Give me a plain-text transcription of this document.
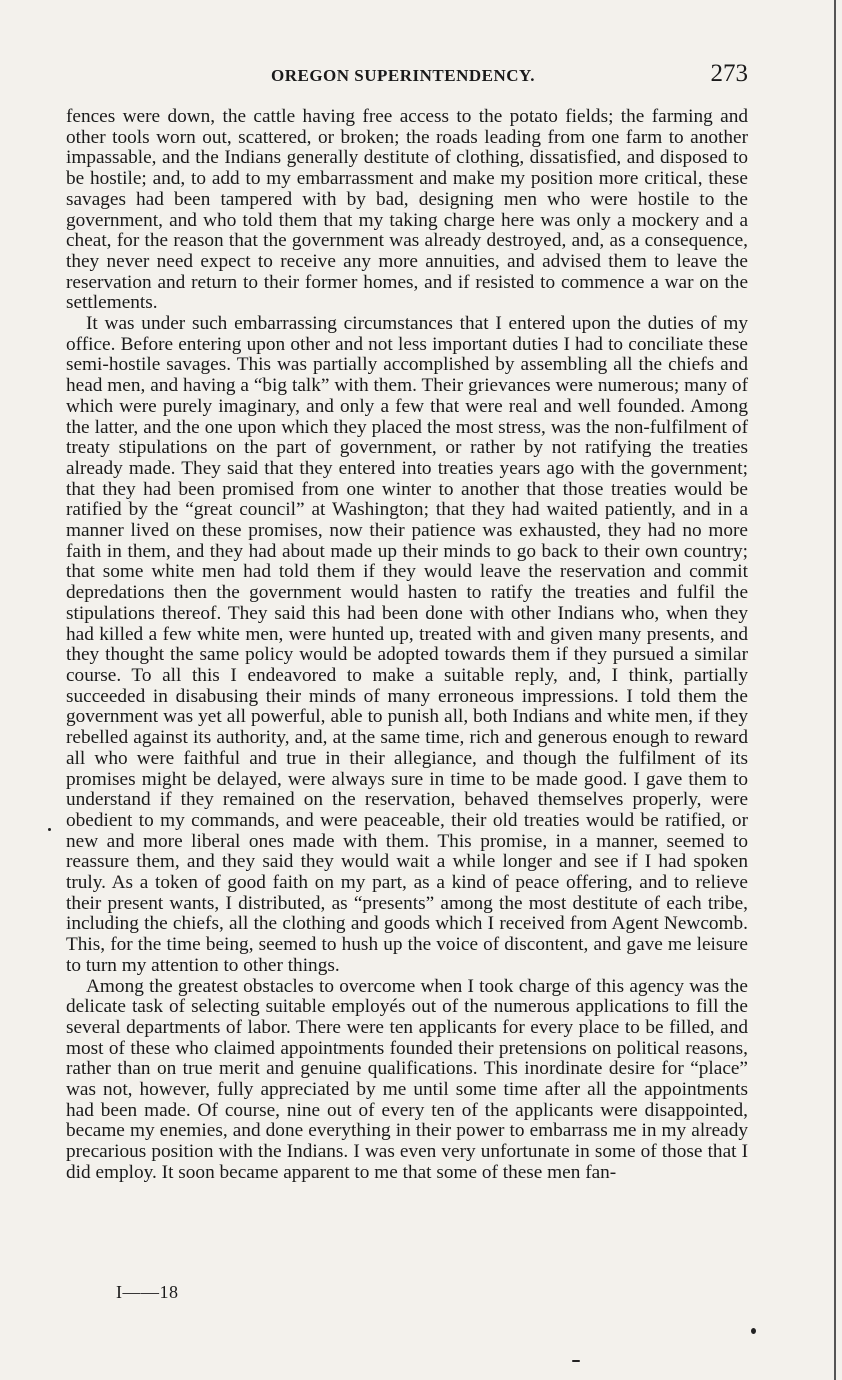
OREGON SUPERINTENDENCY.	273

fences were down, the cattle having free access to the potato fields; the farming and other tools worn out, scattered, or broken; the roads leading from one farm to another impassable, and the Indians generally destitute of clothing, dissatisfied, and disposed to be hostile; and, to add to my embarrassment and make my position more critical, these savages had been tampered with by bad, designing men who were hostile to the government, and who told them that my taking charge here was only a mockery and a cheat, for the reason that the government was already destroyed, and, as a consequence, they never need expect to receive any more annuities, and advised them to leave the reservation and return to their former homes, and if resisted to commence a war on the settlements.

It was under such embarrassing circumstances that I entered upon the duties of my office. Before entering upon other and not less important duties I had to conciliate these semi-hostile savages. This was partially accomplished by assembling all the chiefs and head men, and having a “big talk” with them. Their grievances were numerous; many of which were purely imaginary, and only a few that were real and well founded. Among the latter, and the one upon which they placed the most stress, was the non-fulfilment of treaty stipulations on the part of government, or rather by not ratifying the treaties already made. They said that they entered into treaties years ago with the government; that they had been promised from one winter to another that those treaties would be ratified by the “great council” at Washington; that they had waited patiently, and in a manner lived on these promises, now their patience was exhausted, they had no more faith in them, and they had about made up their minds to go back to their own country; that some white men had told them if they would leave the reservation and commit depredations then the government would hasten to ratify the treaties and fulfil the stipulations thereof. They said this had been done with other Indians who, when they had killed a few white men, were hunted up, treated with and given many presents, and they thought the same policy would be adopted towards them if they pursued a similar course. To all this I endeavored to make a suitable reply, and, I think, partially succeeded in disabusing their minds of many erroneous impressions. I told them the government was yet all powerful, able to punish all, both Indians and white men, if they rebelled against its authority, and, at the same time, rich and generous enough to reward all who were faithful and true in their allegiance, and though the fulfilment of its promises might be delayed, were always sure in time to be made good. I gave them to understand if they remained on the reservation, behaved themselves properly, were obedient to my commands, and were peaceable, their old treaties would be ratified, or new and more liberal ones made with them. This promise, in a manner, seemed to reassure them, and they said they would wait a while longer and see if I had spoken truly. As a token of good faith on my part, as a kind of peace offering, and to relieve their present wants, I distributed, as “presents” among the most destitute of each tribe, including the chiefs, all the clothing and goods which I received from Agent Newcomb. This, for the time being, seemed to hush up the voice of discontent, and gave me leisure to turn my attention to other things.

Among the greatest obstacles to overcome when I took charge of this agency was the delicate task of selecting suitable employés out of the numerous applications to fill the several departments of labor. There were ten applicants for every place to be filled, and most of these who claimed appointments founded their pretensions on political reasons, rather than on true merit and genuine qualifications. This inordinate desire for “place” was not, however, fully appreciated by me until some time after all the appointments had been made. Of course, nine out of every ten of the applicants were disappointed, became my enemies, and done everything in their power to embarrass me in my already precarious position with the Indians. I was even very unfortunate in some of those that I did employ. It soon became apparent to me that some of these men fan-

I——18
